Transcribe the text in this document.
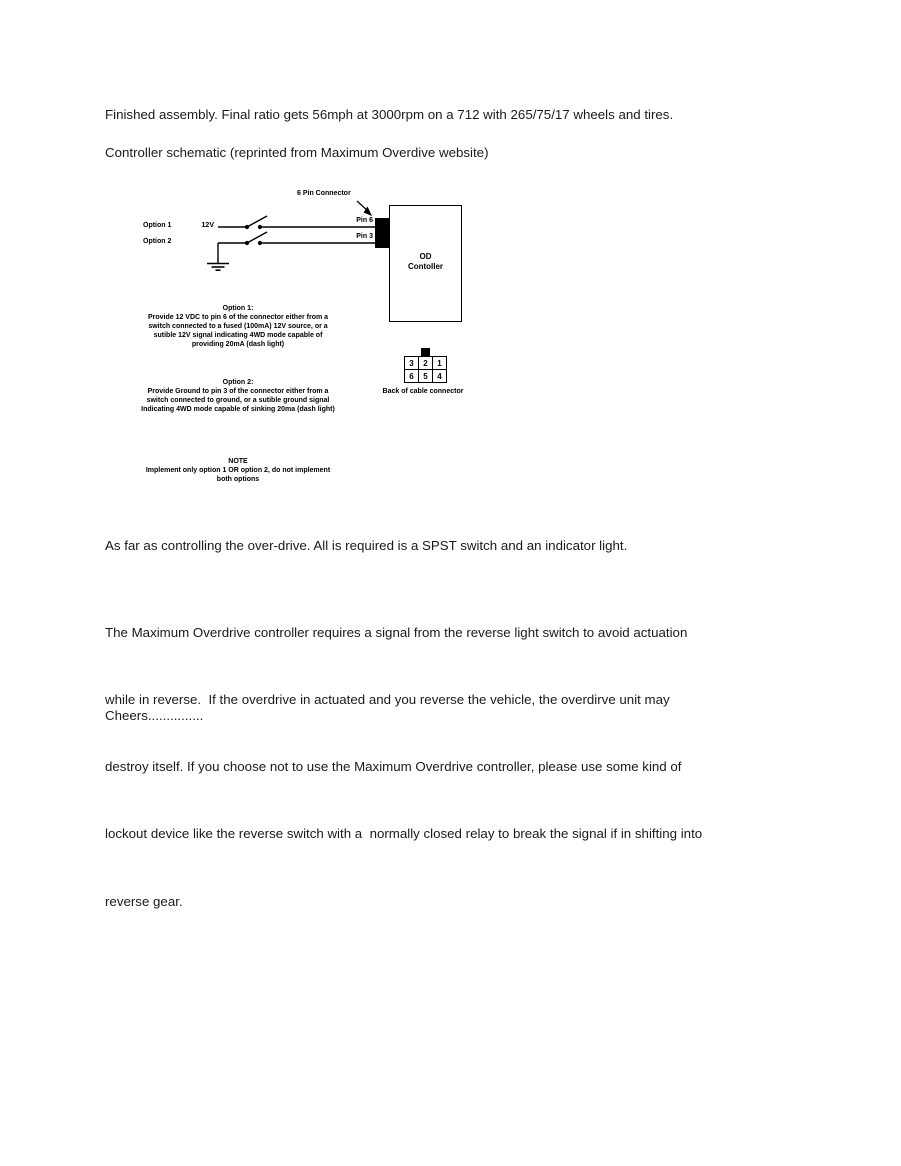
Finished assembly. Final ratio gets 56mph at 3000rpm on a 712 with 265/75/17 wheels and tires.
Controller schematic (reprinted from Maximum Overdive website)
6 Pin Connector
Option 1	12V
Option 2
Pin 6
Pin 3
OD
Contoller
Option 1:
Provide 12 VDC to pin 6 of the connector either from a
switch connected to a fused (100mA) 12V source, or a
sutible 12V signal indicating 4WD mode capable of
providing 20mA (dash light)
Option 2:
Provide Ground to pin 3 of the connector either from a
switch connected to ground, or a sutible ground signal
Indicating 4WD mode capable of sinking 20ma (dash light)
NOTE
Implement only option 1 OR option 2, do not implement
both options
3	2	1
6	5	4
Back of cable connector
As far as controlling the over-drive. All is required is a SPST switch and an indicator light.

The Maximum Overdrive controller requires a signal from the reverse light switch to avoid actuation

while in reverse.  If the overdrive in actuated and you reverse the vehicle, the overdirve unit may

destroy itself. If you choose not to use the Maximum Overdrive controller, please use some kind of

lockout device like the reverse switch with a  normally closed relay to break the signal if in shifting into

reverse gear.

Cheers...............
